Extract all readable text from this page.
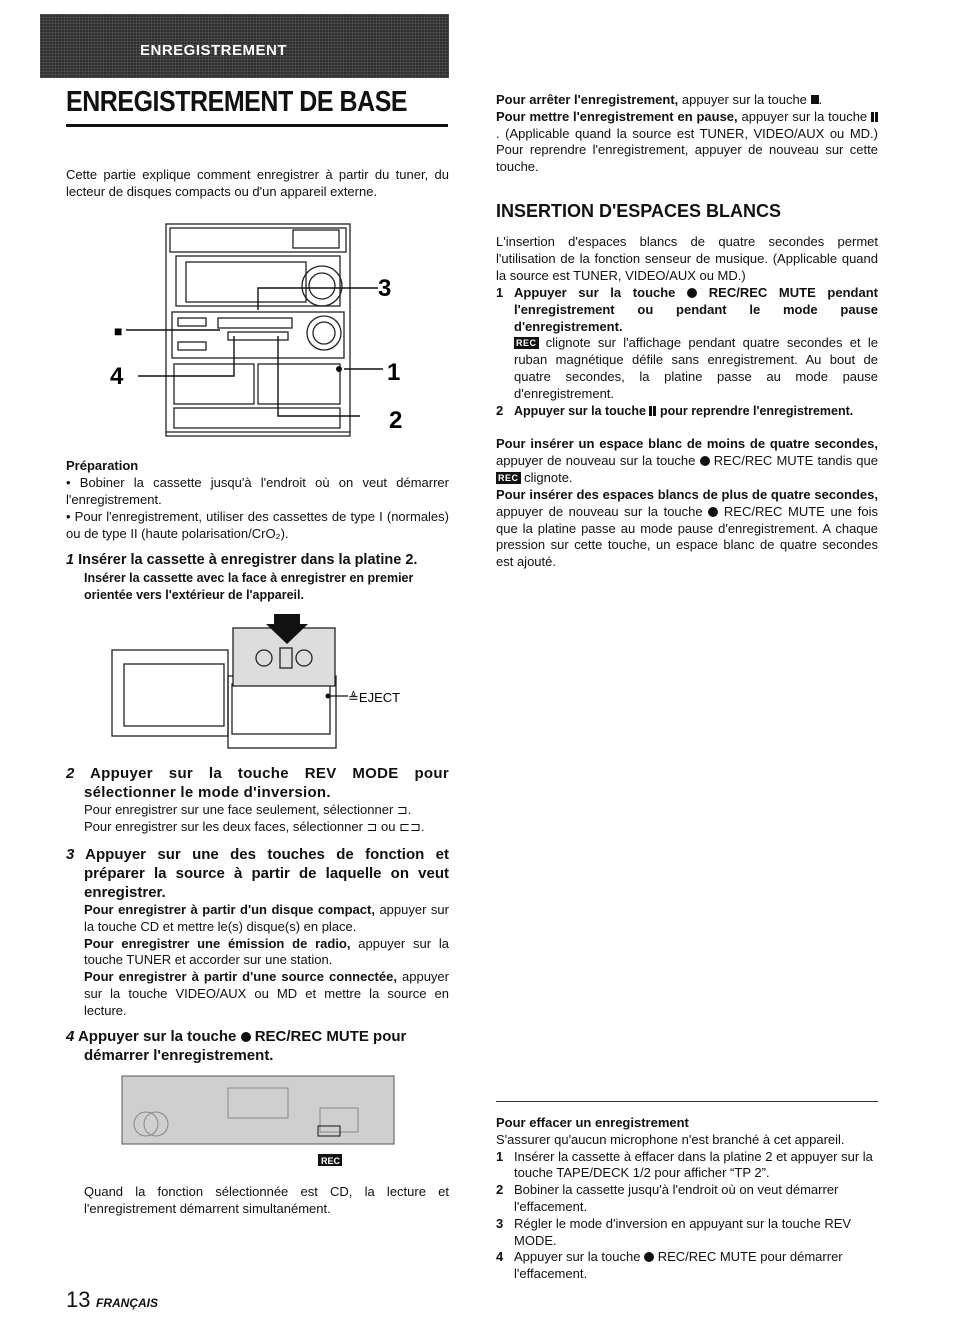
ENREGISTREMENT
ENREGISTREMENT DE BASE

Cette partie explique comment enregistrer à partir du tuner, du lecteur de disques compacts ou d'un appareil externe.

3
■
4	1
2

Préparation

• Bobiner la cassette jusqu'à l'endroit où on veut démarrer l'enregistrement.

• Pour l'enregistrement, utiliser des cassettes de type I (normales) ou de type II (haute polarisation/CrO₂).

1 Insérer la cassette à enregistrer dans la platine 2.

Insérer la cassette avec la face à enregistrer en premier orientée vers l'extérieur de l'appareil.

≜EJECT
2 Appuyer sur la touche REV MODE pour sélectionner le mode d'inversion.

Pour enregistrer sur une face seulement, sélectionner ⊐.

Pour enregistrer sur les deux faces, sélectionner ⊐ ou ⊏⊐.

3 Appuyer sur une des touches de fonction et préparer la source à partir de laquelle on veut enregistrer.

Pour enregistrer à partir d'un disque compact, appuyer sur la touche CD et mettre le(s) disque(s) en place.

Pour enregistrer une émission de radio, appuyer sur la touche TUNER et accorder sur une station.

Pour enregistrer à partir d'une source connectée, appuyer sur la touche VIDEO/AUX ou MD et mettre la source en lecture.

4 Appuyer sur la touche REC/REC MUTE pour démarrer l'enregistrement.
REC

Quand la fonction sélectionnée est CD, la lecture et l'enregistrement démarrent simultanément.

Pour arrêter l'enregistrement, appuyer sur la touche .

Pour mettre l'enregistrement en pause, appuyer sur la touche . (Applicable quand la source est TUNER, VIDEO/AUX ou MD.) Pour reprendre l'enregistrement, appuyer de nouveau sur cette touche.

INSERTION D'ESPACES BLANCS

L'insertion d'espaces blancs de quatre secondes permet l'utilisation de la fonction senseur de musique. (Applicable quand la source est TUNER, VIDEO/AUX ou MD.)

1 Appuyer sur la touche	REC/REC MUTE pendant l'enregistrement ou pendant le mode pause d'enregistrement.

REC clignote sur l'affichage pendant quatre secondes et le ruban magnétique défile sans enregistrement. Au bout de quatre secondes, la platine passe au mode pause d'enregistrement.

2 Appuyer sur la touche pour reprendre l'enregistrement.

Pour insérer un espace blanc de moins de quatre secondes, appuyer de nouveau sur la touche  REC/REC MUTE tandis que REC clignote.

Pour insérer des espaces blancs de plus de quatre secondes, appuyer de nouveau sur la touche  REC/REC MUTE une fois que la platine passe au mode pause d'enregistrement. A chaque pression sur cette touche, un espace blanc de quatre secondes est ajouté.

Pour effacer un enregistrement

S'assurer qu'aucun microphone n'est branché à cet appareil.

1 Insérer la cassette à effacer dans la platine 2 et appuyer sur la touche TAPE/DECK 1/2 pour afficher “TP 2”.
2 Bobiner la cassette jusqu'à l'endroit où on veut démarrer l'effacement.
3 Régler le mode d'inversion en appuyant sur la touche REV MODE.
4 Appuyer sur la touche  REC/REC MUTE pour démarrer l'effacement.
13 FRANÇAIS
